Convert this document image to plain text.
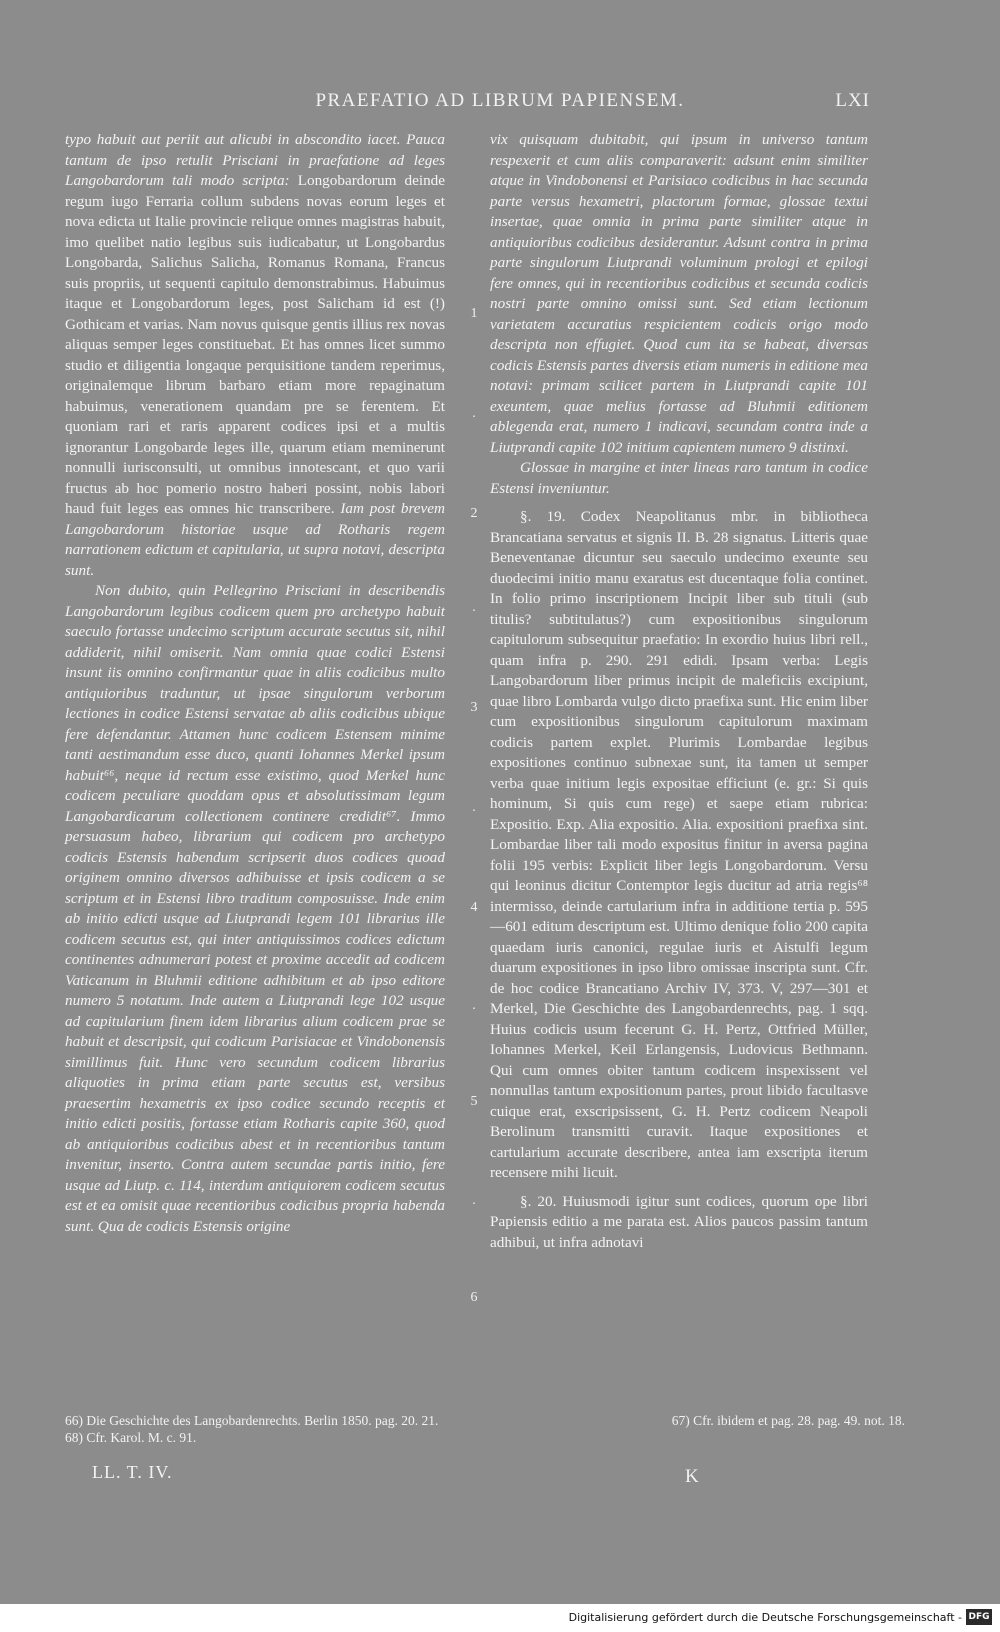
PRAEFATIO AD LIBRUM PAPIENSEM.	LXI

typo habuit aut periit aut alicubi in abscondito iacet. Pauca tantum de ipso retulit Prisciani in praefatione ad leges Langobardorum tali modo scripta: Longobardorum deinde regum iugo Ferraria collum subdens novas eorum leges et nova edicta ut Italie provincie relique omnes magistras habuit, imo quelibet natio legibus suis iudicabatur, ut Longobardus Longobarda, Salichus Salicha, Romanus Romana, Francus suis propriis, ut sequenti capitulo demonstrabimus. Habuimus itaque et Longobardorum leges, post Salicham id est (!) Gothicam et varias. Nam novus quisque gentis illius rex novas aliquas semper leges constituebat. Et has omnes licet summo studio et diligentia longaque perquisitione tandem reperimus, originalemque librum barbaro etiam more repaginatum habuimus, venerationem quandam pre se ferentem. Et quoniam rari et raris apparent codices ipsi et a multis ignorantur Longobarde leges ille, quarum etiam meminerunt nonnulli iurisconsulti, ut omnibus innotescant, et quo varii fructus ab hoc pomerio nostro haberi possint, nobis labori haud fuit leges eas omnes hic transcribere. Iam post brevem Langobardorum historiae usque ad Rotharis regem narrationem edictum et capitularia, ut supra notavi, descripta sunt.

Non dubito, quin Pellegrino Prisciani in describendis Langobardorum legibus codicem quem pro archetypo habuit saeculo fortasse undecimo scriptum accurate secutus sit, nihil addiderit, nihil omiserit. Nam omnia quae codici Estensi insunt iis omnino confirmantur quae in aliis codicibus multo antiquioribus traduntur, ut ipsae singulorum verborum lectiones in codice Estensi servatae ab aliis codicibus ubique fere defendantur. Attamen hunc codicem Estensem minime tanti aestimandum esse duco, quanti Iohannes Merkel ipsum habuit⁶⁶, neque id rectum esse existimo, quod Merkel hunc codicem peculiare quoddam opus et absolutissimam legum Langobardicarum collectionem continere credidit⁶⁷. Immo persuasum habeo, librarium qui codicem pro archetypo codicis Estensis habendum scripserit duos codices quoad originem omnino diversos adhibuisse et ipsis codicem a se scriptum et in Estensi libro traditum composuisse. Inde enim ab initio edicti usque ad Liutprandi legem 101 librarius ille codicem secutus est, qui inter antiquissimos codices edictum continentes adnumerari potest et proxime accedit ad codicem Vaticanum in Bluhmii editione adhibitum et ab ipso editore numero 5 notatum. Inde autem a Liutprandi lege 102 usque ad capitularium finem idem librarius alium codicem prae se habuit et descripsit, qui codicum Parisiacae et Vindobonensis simillimus fuit. Hunc vero secundum codicem librarius aliquoties in prima etiam parte secutus est, versibus praesertim hexametris ex ipso codice secundo receptis et initio edicti positis, fortasse etiam Rotharis capite 360, quod ab antiquioribus codicibus abest et in recentioribus tantum invenitur, inserto. Contra autem secundae partis initio, fere usque ad Liutp. c. 114, interdum antiquiorem codicem secutus est et ea omisit quae recentioribus codicibus propria habenda sunt. Qua de codicis Estensis origine

vix quisquam dubitabit, qui ipsum in universo tantum respexerit et cum aliis comparaverit: adsunt enim similiter atque in Vindobonensi et Parisiaco codicibus in hac secunda parte versus hexametri, plactorum formae, glossae textui insertae, quae omnia in prima parte similiter atque in antiquioribus codicibus desiderantur. Adsunt contra in prima parte singulorum Liutprandi voluminum prologi et epilogi fere omnes, qui in recentioribus codicibus et secunda codicis nostri parte omnino omissi sunt. Sed etiam lectionum varietatem accuratius respicientem codicis origo modo descripta non effugiet. Quod cum ita se habeat, diversas codicis Estensis partes diversis etiam numeris in editione mea notavi: primam scilicet partem in Liutprandi capite 101 exeuntem, quae melius fortasse ad Bluhmii editionem ablegenda erat, numero 1 indicavi, secundam contra inde a Liutprandi capite 102 initium capientem numero 9 distinxi.

Glossae in margine et inter lineas raro tantum in codice Estensi inveniuntur.

§. 19. Codex Neapolitanus mbr. in bibliotheca Brancatiana servatus et signis II. B. 28 signatus. Litteris quae Beneventanae dicuntur seu saeculo undecimo exeunte seu duodecimi initio manu exaratus est ducentaque folia continet. In folio primo inscriptionem Incipit liber sub tituli (sub titulis? subtitulatus?) cum expositionibus singulorum capitulorum subsequitur praefatio: In exordio huius libri rell., quam infra p. 290. 291 edidi. Ipsam verba: Legis Langobardorum liber primus incipit de maleficiis excipiunt, quae libro Lombarda vulgo dicto praefixa sunt. Hic enim liber cum expositionibus singulorum capitulorum maximam codicis partem explet. Plurimis Lombardae legibus expositiones continuo subnexae sunt, ita tamen ut semper verba quae initium legis expositae efficiunt (e. gr.: Si quis hominum, Si quis cum rege) et saepe etiam rubrica: Expositio. Exp. Alia expositio. Alia. expositioni praefixa sint. Lombardae liber tali modo expositus finitur in aversa pagina folii 195 verbis: Explicit liber legis Longobardorum. Versu qui leoninus dicitur Contemptor legis ducitur ad atria regis⁶⁸ intermisso, deinde cartularium infra in additione tertia p. 595—601 editum descriptum est. Ultimo denique folio 200 capita quaedam iuris canonici, regulae iuris et Aistulfi legum duarum expositiones in ipso libro omissae inscripta sunt. Cfr. de hoc codice Brancatiano Archiv IV, 373. V, 297—301 et Merkel, Die Geschichte des Langobardenrechts, pag. 1 sqq. Huius codicis usum fecerunt G. H. Pertz, Ottfried Müller, Iohannes Merkel, Keil Erlangensis, Ludovicus Bethmann. Qui cum omnes obiter tantum codicem inspexissent vel nonnullas tantum expositionum partes, prout libido facultasve cuique erat, exscripsissent, G. H. Pertz codicem Neapoli Berolinum transmitti curavit. Itaque expositiones et cartularium accurate describere, antea iam exscripta iterum recensere mihi licuit.

§. 20. Huiusmodi igitur sunt codices, quorum ope libri Papiensis editio a me parata est. Alios paucos passim tantum adhibui, ut infra adnotavi

1
.
2
.
3
.
4
.
5
.
6
66) Die Geschichte des Langobardenrechts. Berlin 1850. pag. 20. 21.	67) Cfr. ibidem et pag. 28. pag. 49. not. 18.
68) Cfr. Karol. M. c. 91.
LL. T. IV.	K
Digitalisierung gefördert durch die Deutsche Forschungsgemeinschaft - DFG
